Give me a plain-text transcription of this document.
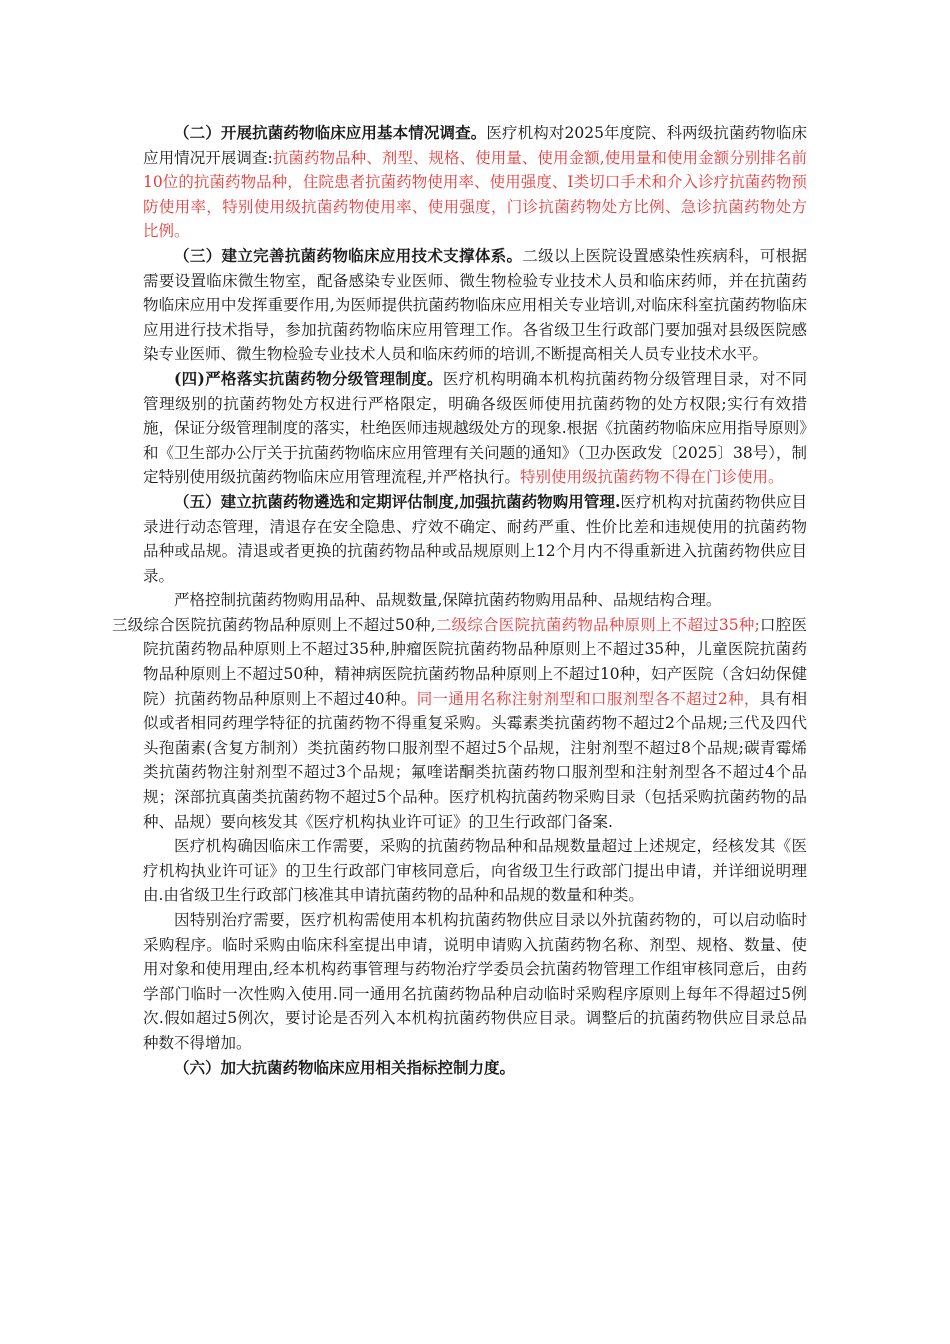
（二）开展抗菌药物临床应用基本情况调查。医疗机构对2025年度院、科两级抗菌药物临床应用情况开展调查:抗菌药物品种、剂型、规格、使用量、使用金额,使用量和使用金额分别排名前10位的抗菌药物品种，住院患者抗菌药物使用率、使用强度、I类切口手术和介入诊疗抗菌药物预防使用率，特别使用级抗菌药物使用率、使用强度，门诊抗菌药物处方比例、急诊抗菌药物处方比例。

（三）建立完善抗菌药物临床应用技术支撑体系。二级以上医院设置感染性疾病科，可根据需要设置临床微生物室，配备感染专业医师、微生物检验专业技术人员和临床药师，并在抗菌药物临床应用中发挥重要作用,为医师提供抗菌药物临床应用相关专业培训,对临床科室抗菌药物临床应用进行技术指导，参加抗菌药物临床应用管理工作。各省级卫生行政部门要加强对县级医院感染专业医师、微生物检验专业技术人员和临床药师的培训,不断提高相关人员专业技术水平。

(四)严格落实抗菌药物分级管理制度。医疗机构明确本机构抗菌药物分级管理目录，对不同管理级别的抗菌药物处方权进行严格限定，明确各级医师使用抗菌药物的处方权限;实行有效措施，保证分级管理制度的落实，杜绝医师违规越级处方的现象.根据《抗菌药物临床应用指导原则》和《卫生部办公厅关于抗菌药物临床应用管理有关问题的通知》（卫办医政发〔2025〕38号），制定特别使用级抗菌药物临床应用管理流程,并严格执行。特别使用级抗菌药物不得在门诊使用。

（五）建立抗菌药物遴选和定期评估制度,加强抗菌药物购用管理.医疗机构对抗菌药物供应目录进行动态管理，清退存在安全隐患、疗效不确定、耐药严重、性价比差和违规使用的抗菌药物品种或品规。清退或者更换的抗菌药物品种或品规原则上12个月内不得重新进入抗菌药物供应目录。

严格控制抗菌药物购用品种、品规数量,保障抗菌药物购用品种、品规结构合理。
三级综合医院抗菌药物品种原则上不超过50种,二级综合医院抗菌药物品种原则上不超过35种;口腔医院抗菌药物品种原则上不超过35种,肿瘤医院抗菌药物品种原则上不超过35种，儿童医院抗菌药物品种原则上不超过50种，精神病医院抗菌药物品种原则上不超过10种，妇产医院（含妇幼保健院）抗菌药物品种原则上不超过40种。同一通用名称注射剂型和口服剂型各不超过2种，具有相似或者相同药理学特征的抗菌药物不得重复采购。头霉素类抗菌药物不超过2个品规;三代及四代头孢菌素(含复方制剂）类抗菌药物口服剂型不超过5个品规，注射剂型不超过8个品规;碳青霉烯类抗菌药物注射剂型不超过3个品规；氟喹诺酮类抗菌药物口服剂型和注射剂型各不超过4个品规；深部抗真菌类抗菌药物不超过5个品种。医疗机构抗菌药物采购目录（包括采购抗菌药物的品种、品规）要向核发其《医疗机构执业许可证》的卫生行政部门备案.

医疗机构确因临床工作需要，采购的抗菌药物品种和品规数量超过上述规定，经核发其《医疗机构执业许可证》的卫生行政部门审核同意后，向省级卫生行政部门提出申请，并详细说明理由.由省级卫生行政部门核准其申请抗菌药物的品种和品规的数量和种类。

因特别治疗需要，医疗机构需使用本机构抗菌药物供应目录以外抗菌药物的，可以启动临时采购程序。临时采购由临床科室提出申请，说明申请购入抗菌药物名称、剂型、规格、数量、使用对象和使用理由,经本机构药事管理与药物治疗学委员会抗菌药物管理工作组审核同意后，由药学部门临时一次性购入使用.同一通用名抗菌药物品种启动临时采购程序原则上每年不得超过5例次.假如超过5例次，要讨论是否列入本机构抗菌药物供应目录。调整后的抗菌药物供应目录总品种数不得增加。

（六）加大抗菌药物临床应用相关指标控制力度。
